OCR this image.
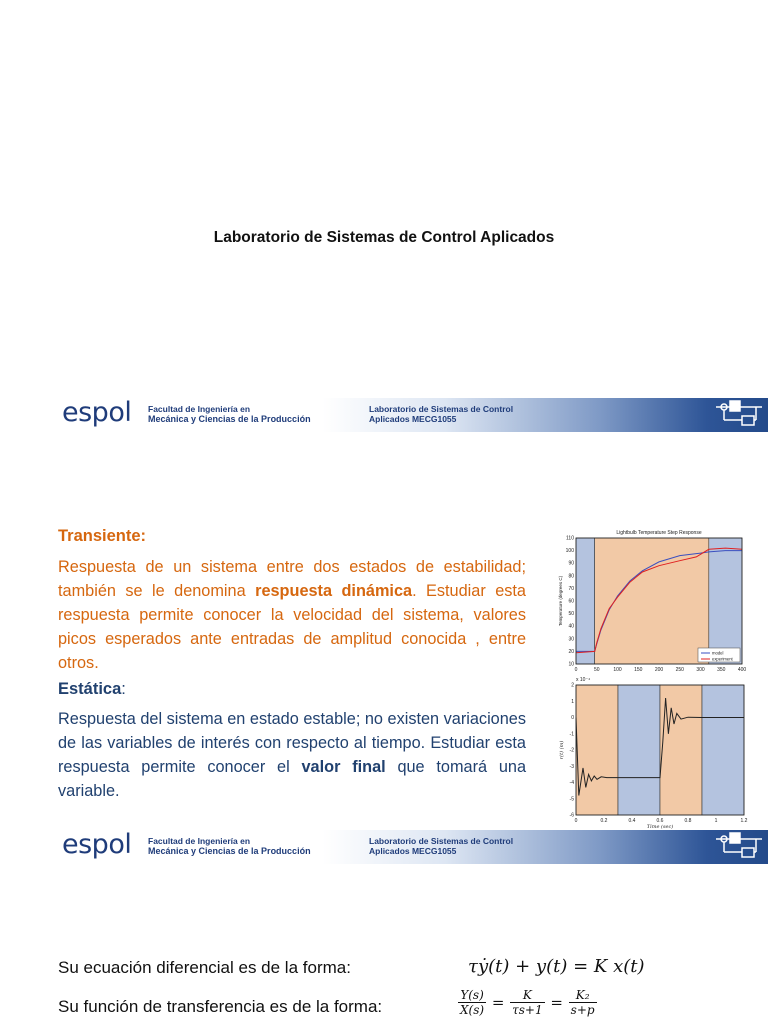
Laboratorio de Sistemas de Control Aplicados
espol Facultad de Ingeniería en
Mecánica y Ciencias de la Producción
Laboratorio de Sistemas de Control
Aplicados MECG1055
Transiente:
Respuesta de un sistema entre dos estados de estabilidad; también se le denomina respuesta dinámica. Estudiar esta respuesta permite conocer la velocidad del sistema, valores picos esperados ante entradas de amplitud conocida , entre otros.
Estática:
Respuesta del sistema en estado estable; no existen variaciones de las variables de interés con respecto al tiempo. Estudiar esta respuesta permite conocer el valor final que tomará una variable.
0	50	100 150 200 250 300 350 400
10
20
30
40
50
60
70
80
90
100
110
Lightbulb Temperature Step Response
Temperature (degrees C)
model
experiment
0	0.2	0.4	0.6	0.8	1	1.2
-6
-5
-4
-3
-2
-1
0
1
2
x 10⁻⁴
Time (sec)
r(t) (m)
espol Facultad de Ingeniería en
Mecánica y Ciencias de la Producción
Laboratorio de Sistemas de Control
Aplicados MECG1055
Su ecuación diferencial es de la forma:	τẏ(t) + y(t) = K x(t)
Su función de transferencia es de la forma:	$\frac{Y(s)}{X(s)} = \frac{K}{\tau s+1} = \frac{\text{K₂}}{s+p}$
